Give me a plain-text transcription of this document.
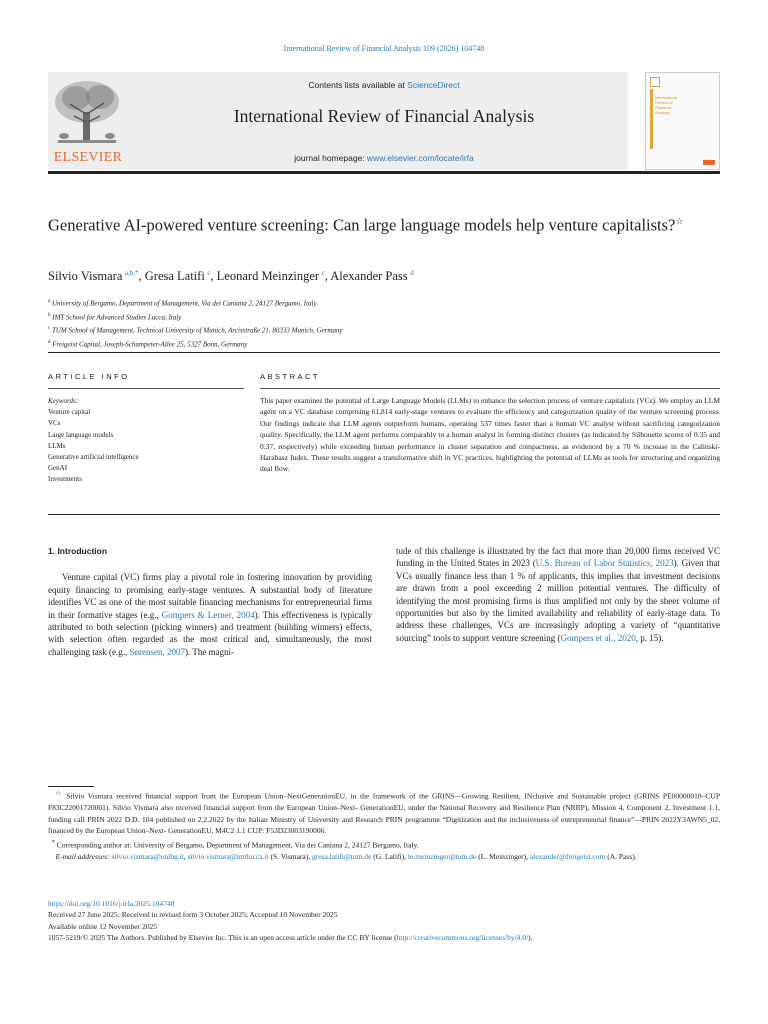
International Review of Financial Analysis 109 (2026) 104748
ELSEVIER
Contents lists available at ScienceDirect
International Review of Financial Analysis
journal homepage: www.elsevier.com/locate/irfa
International
Review of
Financial
Analysis
Generative AI-powered venture screening: Can large language models help venture capitalists?☆
Silvio Vismara  $^{a,b,*}$, Gresa Latifi  $^c$, Leonard Meinzinger  $^c$, Alexander Pass  $^d$
$^a$ University of Bergamo, Department of Management, Via dei Caniana 2, 24127 Bergamo, Italy
$^b$ IMT School for Advanced Studies Lucca, Italy
$^c$ TUM School of Management, Technical University of Munich, Arcisstraße 21, 80333 Munich, Germany
$^d$ Freigeist Capital, Joseph-Schumpeter-Allee 25, 5327 Bonn, Germany
ARTICLE INFO	ABSTRACT
Keywords:
Venture capital
VCs
Large language models
LLMs
Generative artificial intelligence
GenAI
Investments
This paper examines the potential of Large Language Models (LLMs) to enhance the selection process of venture capitalists (VCs). We employ an LLM agent on a VC database comprising 61,814 early-stage ventures to evaluate the efficiency and categorization quality of the venture screening process. Our findings indicate that LLM agents outperform humans, operating 537 times faster than a human VC analyst without sacrificing categorization quality. Specifically, the LLM agent performs comparably to a human analyst in forming distinct clusters (as indicated by Silhouette scores of 0.35 and 0.37, respectively) while exceeding human performance in cluster separation and compactness, as evidenced by a 70 % increase in the Calinski-Harabasz Index. These results suggest a transformative shift in VC practices, highlighting the potential of LLMs as tools for structuring and organizing deal flow.

1. Introduction

Venture capital (VC) firms play a pivotal role in fostering innovation by providing equity financing to promising early-stage ventures. A substantial body of literature identifies VC as one of the most suitable financing mechanisms for entrepreneurial firms in their formative stages (e.g., Gompers & Lerner, 2004). This effectiveness is typically attributed to both selection (picking winners) and treatment (building winners) effects, with selection often regarded as the most critical and, simultaneously, the most challenging task (e.g., Sørensen, 2007). The magni-

tude of this challenge is illustrated by the fact that more than 20,000 firms received VC funding in the United States in 2023 (U.S. Bureau of Labor Statistics, 2023). Given that VCs usually finance less than 1 % of applicants, this implies that investment decisions are drawn from a pool exceeding 2 million potential ventures. The difficulty of identifying the most promising firms is thus amplified not only by the sheer volume of opportunities but also by the limited availability and reliability of early-stage data. To address these challenges, VCs are increasingly adopting a variety of “quantitative sourcing” tools to support venture screening (Gompers et al., 2020, p. 15).

☆ Silvio Vismara received financial support from the European Union–NextGenerationEU, in the framework of the GRINS—Growing Resilient, INclusive and Sustainable project (GRINS PE00000018–CUP F83C22001720001). Silvio Vismara also received financial support from the European Union–Next- GenerationEU, under the National Recovery and Resilience Plan (NRRP), Mission 4, Component 2, Investment 1.1, funding call PRIN 2022 D.D. 104 published on 2.2.2022 by the Italian Ministry of University and Research PRIN programme “Digitization and the inclusiveness of entrepreneurial finance”—PRIN 2022Y3AWN5_02, financed by the European Union–Next- GenerationEU, M4C2 1.1 CUP: F53D23003190006.

* Corresponding author at: University of Bergamo, Department of Management, Via dei Caniana 2, 24127 Bergamo, Italy.

E-mail addresses: silvio.vismara@unibg.it, silvio.vismara@imtlucca.it (S. Vismara), gresa.latifi@tum.de (G. Latifi), le.meinzinger@tum.de (L. Meinzinger), alexander@freigeist.com (A. Pass).

https://doi.org/10.1016/j.irfa.2025.104748

Received 27 June 2025; Received in revised form 3 October 2025; Accepted 10 November 2025

Available online 12 November 2025

1057-5219/© 2025 The Authors. Published by Elsevier Inc. This is an open access article under the CC BY license (http://creativecommons.org/licenses/by/4.0/).
